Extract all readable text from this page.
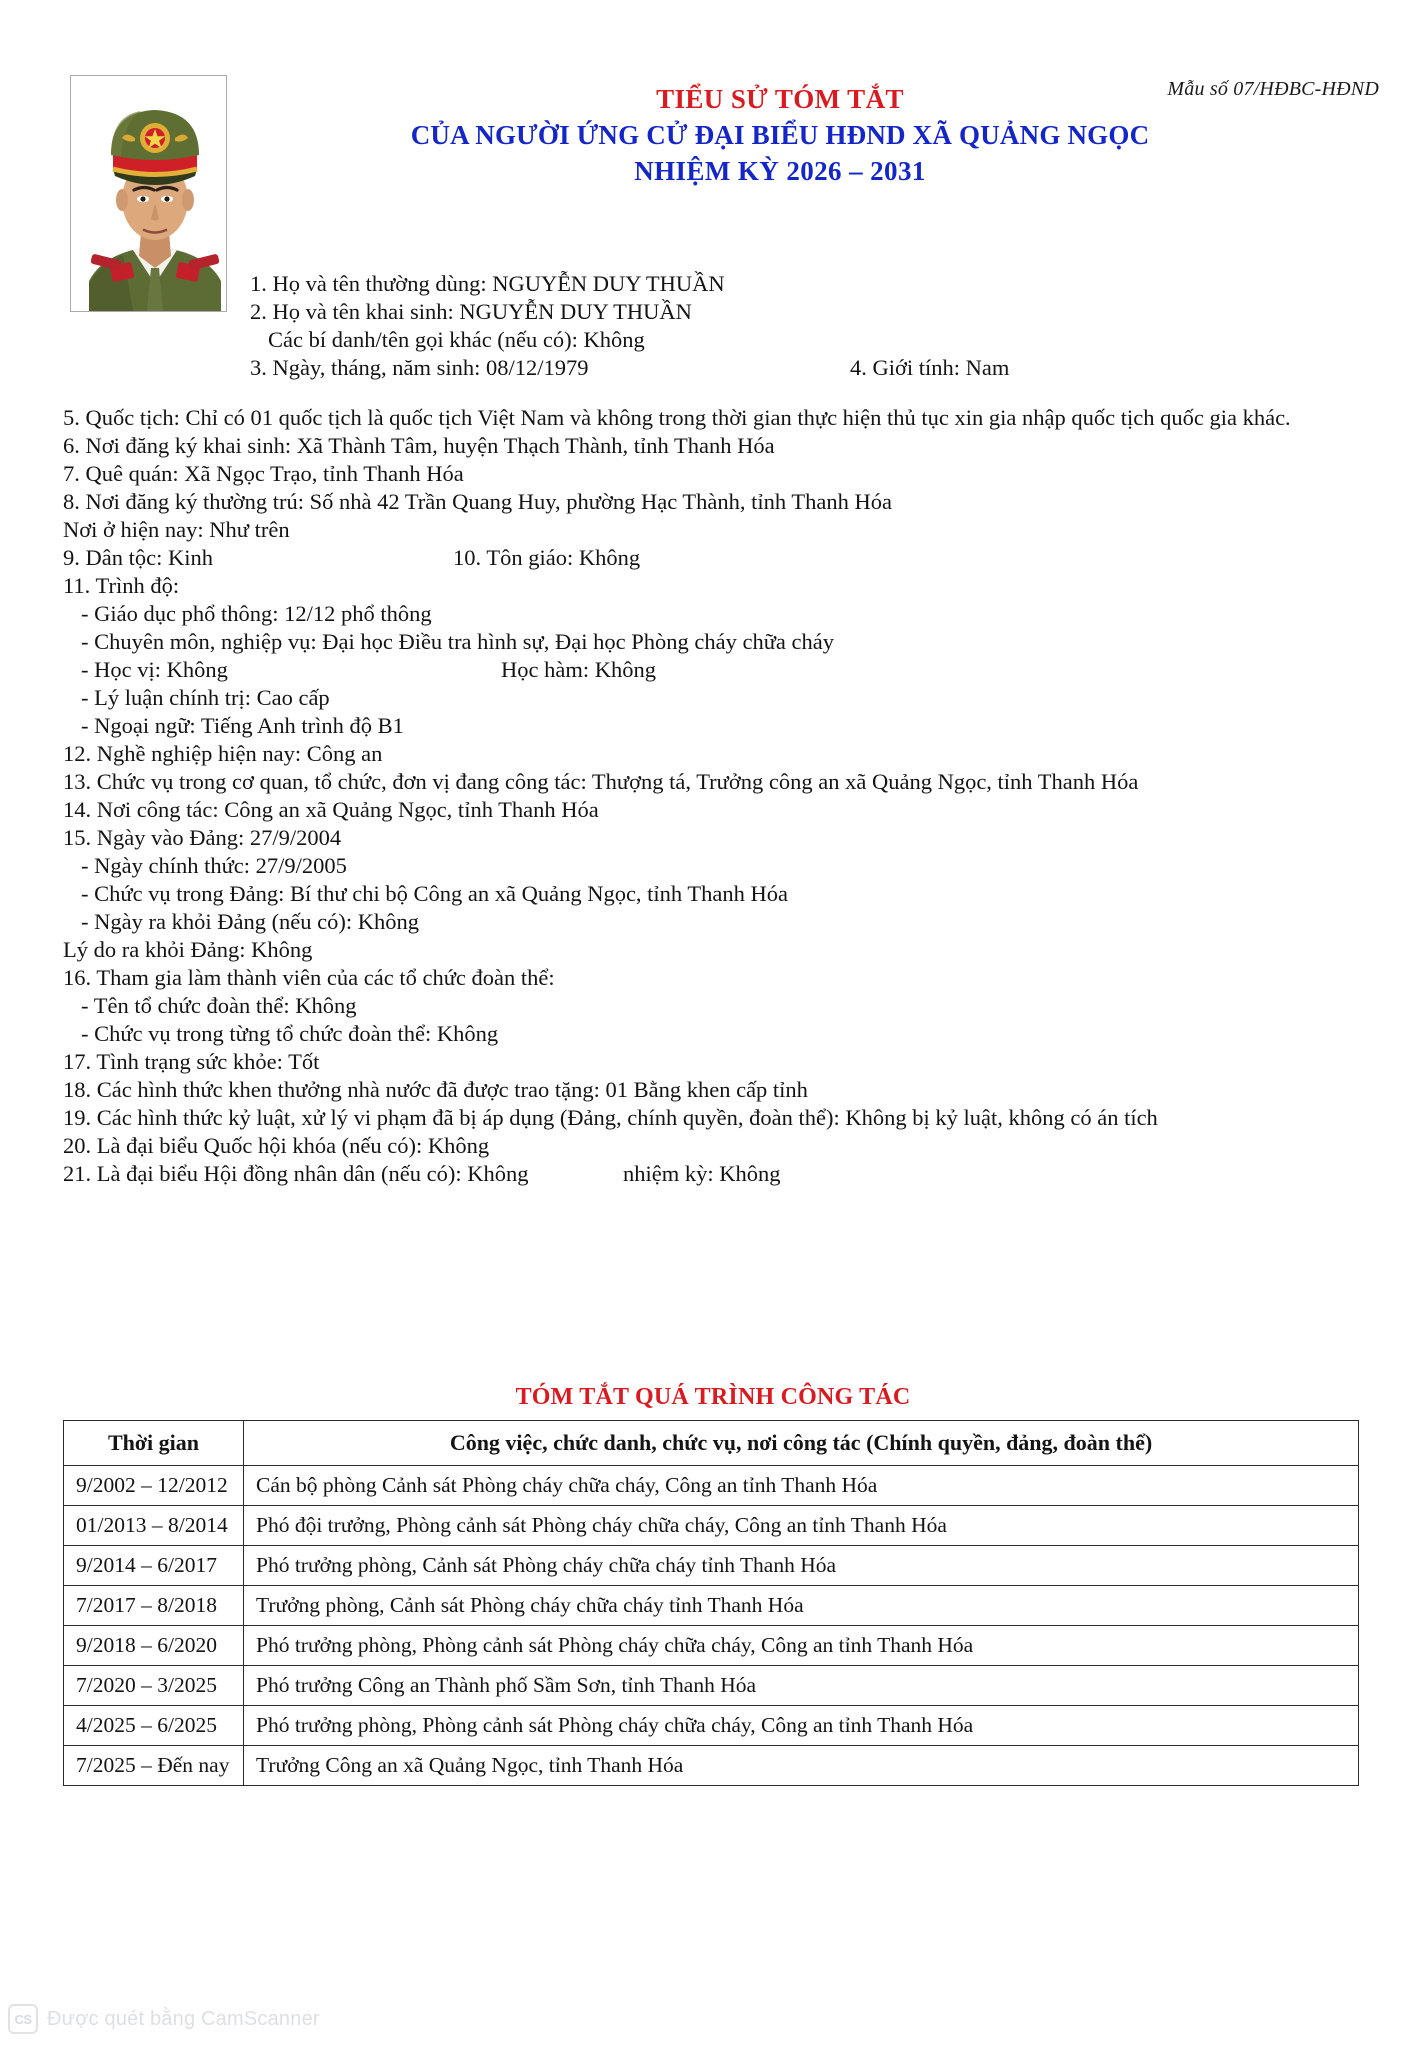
Mẫu số 07/HĐBC-HĐND
TIỂU SỬ TÓM TẮT
CỦA NGƯỜI ỨNG CỬ ĐẠI BIỂU HĐND XÃ QUẢNG NGỌC
NHIỆM KỲ 2026 – 2031
1. Họ và tên thường dùng: NGUYỄN DUY THUẦN
2. Họ và tên khai sinh: NGUYỄN DUY THUẦN
Các bí danh/tên gọi khác (nếu có): Không
3. Ngày, tháng, năm sinh: 08/12/1979	4. Giới tính: Nam
5. Quốc tịch: Chỉ có 01 quốc tịch là quốc tịch Việt Nam và không trong thời gian thực hiện thủ tục xin gia nhập quốc tịch quốc gia khác.
6. Nơi đăng ký khai sinh: Xã Thành Tâm, huyện Thạch Thành, tỉnh Thanh Hóa
7. Quê quán: Xã Ngọc Trạo, tỉnh Thanh Hóa
8. Nơi đăng ký thường trú: Số nhà 42 Trần Quang Huy, phường Hạc Thành, tỉnh Thanh Hóa
Nơi ở hiện nay: Như trên
9. Dân tộc: Kinh	10. Tôn giáo: Không
11. Trình độ:
- Giáo dục phổ thông: 12/12 phổ thông
- Chuyên môn, nghiệp vụ: Đại học Điều tra hình sự, Đại học Phòng cháy chữa cháy
- Học vị: Không	Học hàm: Không
- Lý luận chính trị: Cao cấp
- Ngoại ngữ: Tiếng Anh trình độ B1
12. Nghề nghiệp hiện nay: Công an
13. Chức vụ trong cơ quan, tổ chức, đơn vị đang công tác: Thượng tá, Trưởng công an xã Quảng Ngọc, tỉnh Thanh Hóa
14. Nơi công tác: Công an xã Quảng Ngọc, tỉnh Thanh Hóa
15. Ngày vào Đảng: 27/9/2004
- Ngày chính thức: 27/9/2005
- Chức vụ trong Đảng: Bí thư chi bộ Công an xã Quảng Ngọc, tỉnh Thanh Hóa
- Ngày ra khỏi Đảng (nếu có): Không
Lý do ra khỏi Đảng: Không
16. Tham gia làm thành viên của các tổ chức đoàn thể:
- Tên tổ chức đoàn thể: Không
- Chức vụ trong từng tổ chức đoàn thể: Không
17. Tình trạng sức khỏe: Tốt
18. Các hình thức khen thưởng nhà nước đã được trao tặng: 01 Bằng khen cấp tỉnh
19. Các hình thức kỷ luật, xử lý vi phạm đã bị áp dụng (Đảng, chính quyền, đoàn thể): Không bị kỷ luật, không có án tích
20. Là đại biểu Quốc hội khóa (nếu có): Không
21. Là đại biểu Hội đồng nhân dân (nếu có): Không	nhiệm kỳ: Không
TÓM TẮT QUÁ TRÌNH CÔNG TÁC
Thời gian	Công việc, chức danh, chức vụ, nơi công tác (Chính quyền, đảng, đoàn thể)
9/2002 – 12/2012	Cán bộ phòng Cảnh sát Phòng cháy chữa cháy, Công an tỉnh Thanh Hóa
01/2013 – 8/2014	Phó đội trưởng, Phòng cảnh sát Phòng cháy chữa cháy, Công an tỉnh Thanh Hóa
9/2014 – 6/2017	Phó trưởng phòng, Cảnh sát Phòng cháy chữa cháy tỉnh Thanh Hóa
7/2017 – 8/2018	Trưởng phòng, Cảnh sát Phòng cháy chữa cháy tỉnh Thanh Hóa
9/2018 – 6/2020	Phó trưởng phòng, Phòng cảnh sát Phòng cháy chữa cháy, Công an tỉnh Thanh Hóa
7/2020 – 3/2025	Phó trưởng Công an Thành phố Sầm Sơn, tỉnh Thanh Hóa
4/2025 – 6/2025	Phó trưởng phòng, Phòng cảnh sát Phòng cháy chữa cháy, Công an tỉnh Thanh Hóa
7/2025 – Đến nay	Trưởng Công an xã Quảng Ngọc, tỉnh Thanh Hóa
CS Được quét bằng CamScanner
